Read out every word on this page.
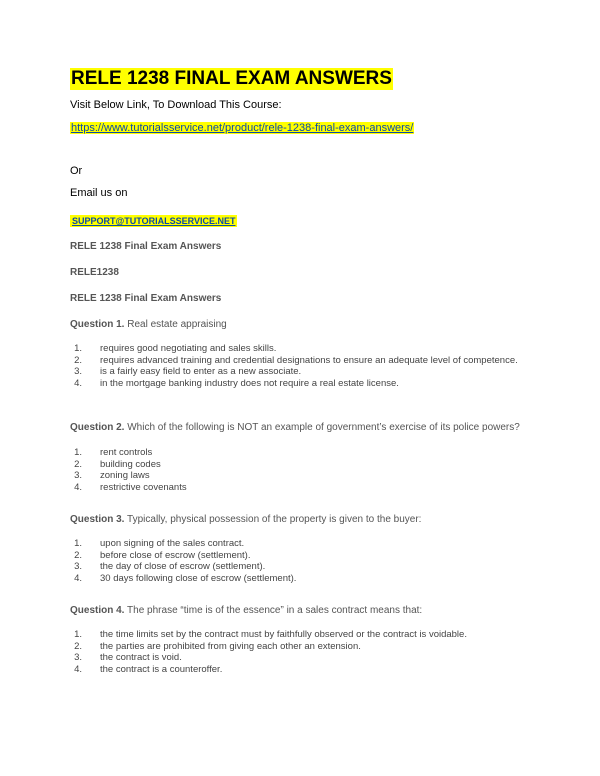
RELE 1238 FINAL EXAM ANSWERS
Visit Below Link, To Download This Course:
https://www.tutorialsservice.net/product/rele-1238-final-exam-answers/
Or
Email us on
SUPPORT@TUTORIALSSERVICE.NET
RELE 1238 Final Exam Answers
RELE1238
RELE 1238 Final Exam Answers
Question 1. Real estate appraising
1.	requires good negotiating and sales skills.
2.	requires advanced training and credential designations to ensure an adequate level of competence.
3.	is a fairly easy field to enter as a new associate.
4.	in the mortgage banking industry does not require a real estate license.
Question 2. Which of the following is NOT an example of government’s exercise of its police powers?
1.	rent controls
2.	building codes
3.	zoning laws
4.	restrictive covenants
Question 3. Typically, physical possession of the property is given to the buyer:
1.	upon signing of the sales contract.
2.	before close of escrow (settlement).
3.	the day of close of escrow (settlement).
4.	30 days following close of escrow (settlement).
Question 4. The phrase “time is of the essence” in a sales contract means that:
1.	the time limits set by the contract must by faithfully observed or the contract is voidable.
2.	the parties are prohibited from giving each other an extension.
3.	the contract is void.
4.	the contract is a counteroffer.
